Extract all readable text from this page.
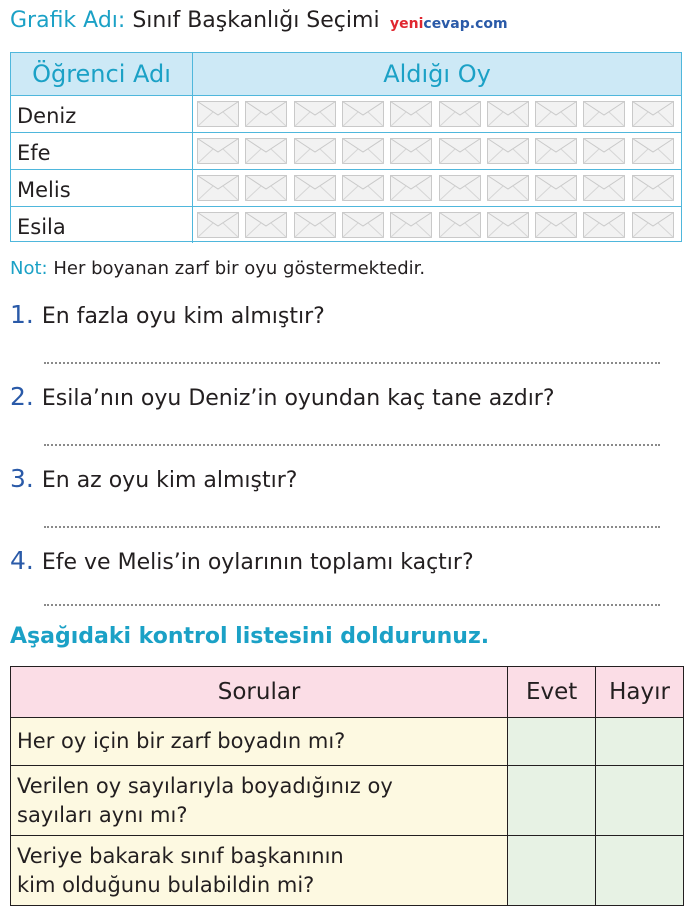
Grafik Adı: Sınıf Başkanlığı Seçimi yenicevap.com
Öğrenci Adı	Aldığı Oy
Deniz
Efe
Melis
Esila
Not: Her boyanan zarf bir oyu göstermektedir.
1. En fazla oyu kim almıştır?
2. Esila’nın oyu Deniz’in oyundan kaç tane azdır?
3. En az oyu kim almıştır?
4. Efe ve Melis’in oylarının toplamı kaçtır?
Aşağıdaki kontrol listesini doldurunuz.
Sorular	Evet	Hayır

Her oy için bir zarf boyadın mı?		

Verilen oy sayılarıyla boyadığınız oy
sayıları aynı mı?		

Veriye bakarak sınıf başkanının
kim olduğunu bulabildin mi?		
